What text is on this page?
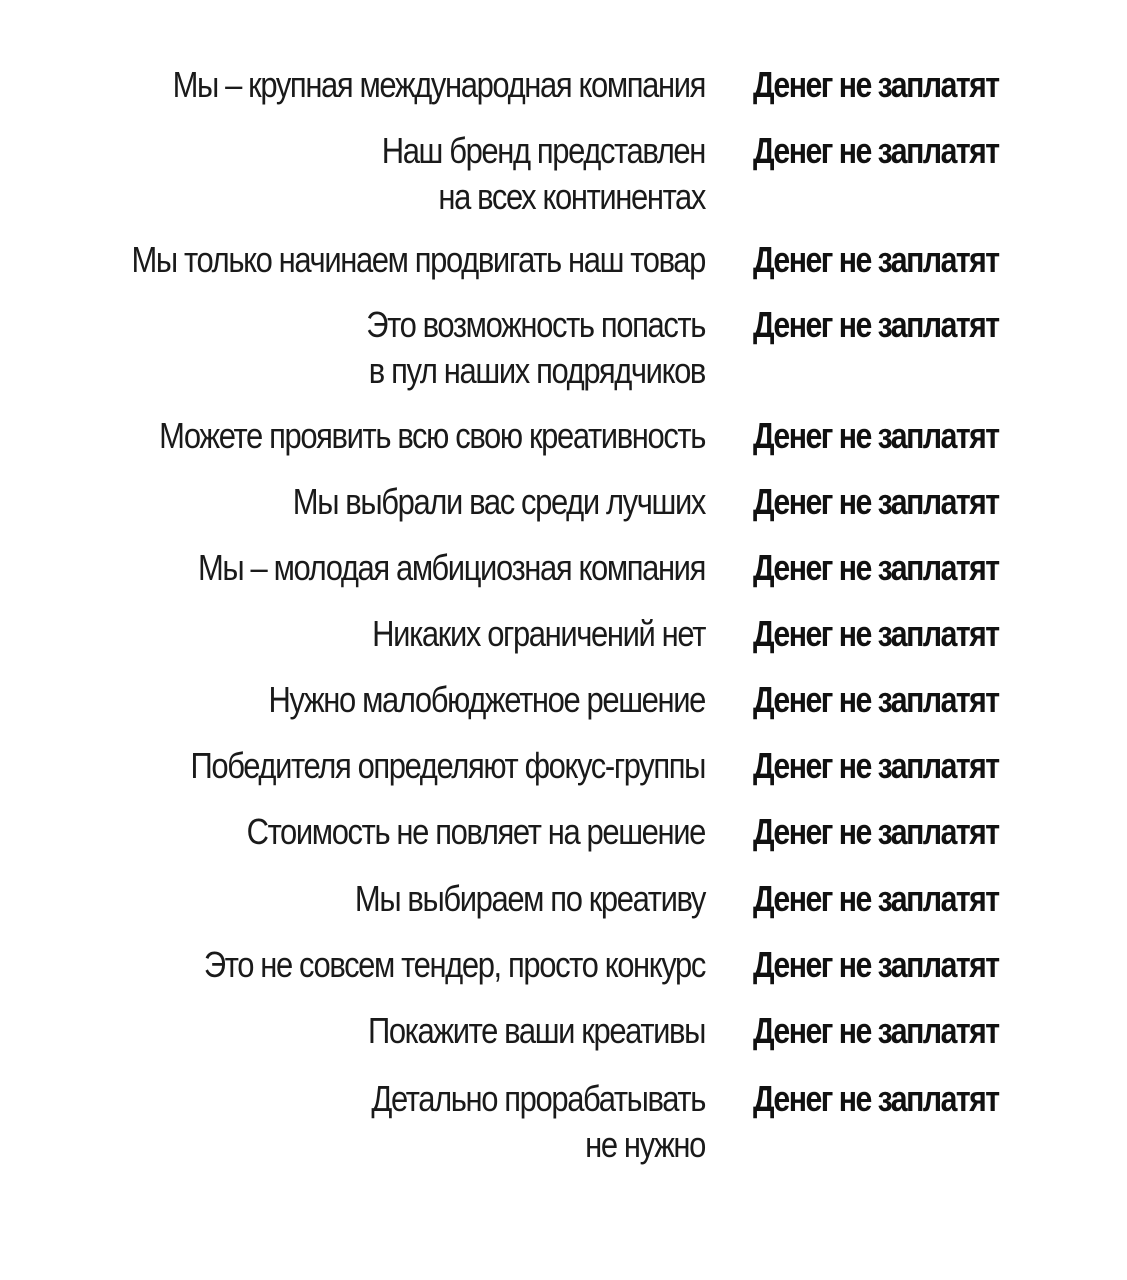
Мы – крупная международная компания Денег не заплатят
Наш бренд представлен
на всех континентах
Денег не заплатят
Мы только начинаем продвигать наш товар Денег не заплатят
Это возможность попасть
в пул наших подрядчиков
Денег не заплатят
Можете проявить всю свою креативность Денег не заплатят
Мы выбрали вас среди лучших Денег не заплатят
Мы – молодая амбициозная компания Денег не заплатят
Никаких ограничений нет Денег не заплатят
Нужно малобюджетное решение Денег не заплатят
Победителя определяют фокус-группы Денег не заплатят
Стоимость не повляет на решение Денег не заплатят
Мы выбираем по креативу Денег не заплатят
Это не совсем тендер, просто конкурс Денег не заплатят
Покажите ваши креативы Денег не заплатят
Детально прорабатывать
не нужно
Денег не заплатят
